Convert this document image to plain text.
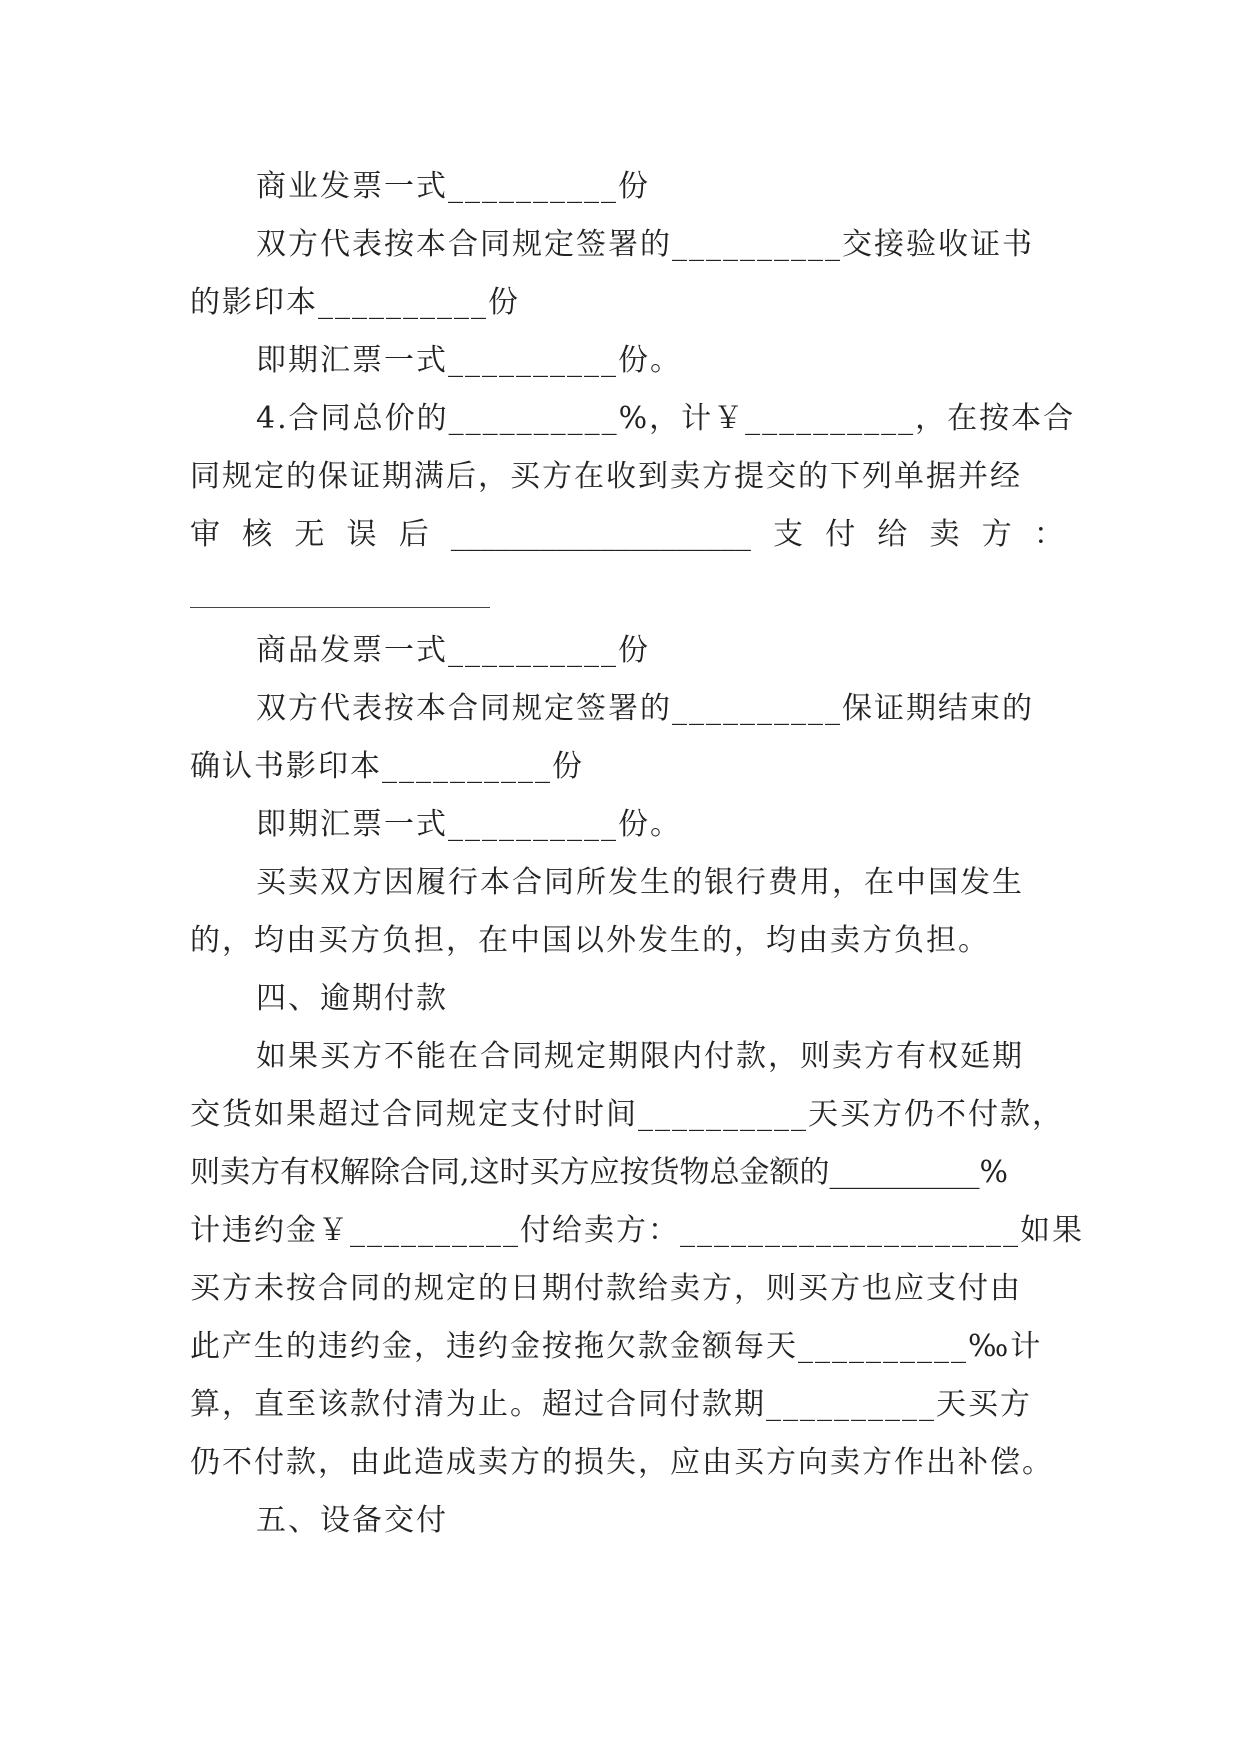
商业发票一式__________份
双方代表按本合同规定签署的__________交接验收证书
的影印本__________份
即期汇票一式__________份。
4.合同总价的__________%，计￥__________，在按本合
同规定的保证期满后，买方在收到卖方提交的下列单据并经
审 核 无 误 后 ____________________ 支 付 给 卖 方 ：
商品发票一式__________份
双方代表按本合同规定签署的__________保证期结束的
确认书影印本__________份
即期汇票一式__________份。
买卖双方因履行本合同所发生的银行费用，在中国发生
的，均由买方负担，在中国以外发生的，均由卖方负担。
四、逾期付款
如果买方不能在合同规定期限内付款，则卖方有权延期
交货如果超过合同规定支付时间__________天买方仍不付款，
则卖方有权解除合同,这时买方应按货物总金额的__________%
计违约金￥__________付给卖方：____________________如果
买方未按合同的规定的日期付款给卖方，则买方也应支付由
此产生的违约金，违约金按拖欠款金额每天__________‰计
算，直至该款付清为止。超过合同付款期__________天买方
仍不付款，由此造成卖方的损失，应由买方向卖方作出补偿。
五、设备交付
